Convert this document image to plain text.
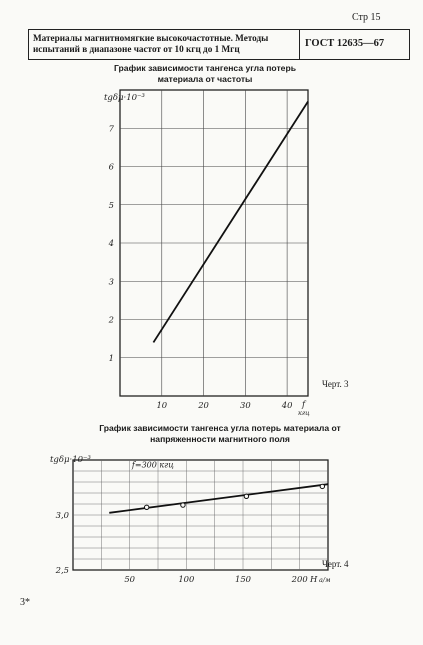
Стр 15
Материалы магнитномягкие высокочастотные. Методы испытаний в диапазоне частот от 10 кгц до 1 Мгц	ГОСТ 12635—67
График зависимости тангенса угла потерь материала от частоты
График зависимости тангенса угла потерь материала от напряженности магнитного поля
10	20	30	40
1
2
3
4
5
6
7
tgδμ·10⁻³
f
кгц
50	100	150	200
2,5
3,0
tgδμ·10⁻³
H а/м
f=300 кгц
Черт. 3
Черт. 4
3*
